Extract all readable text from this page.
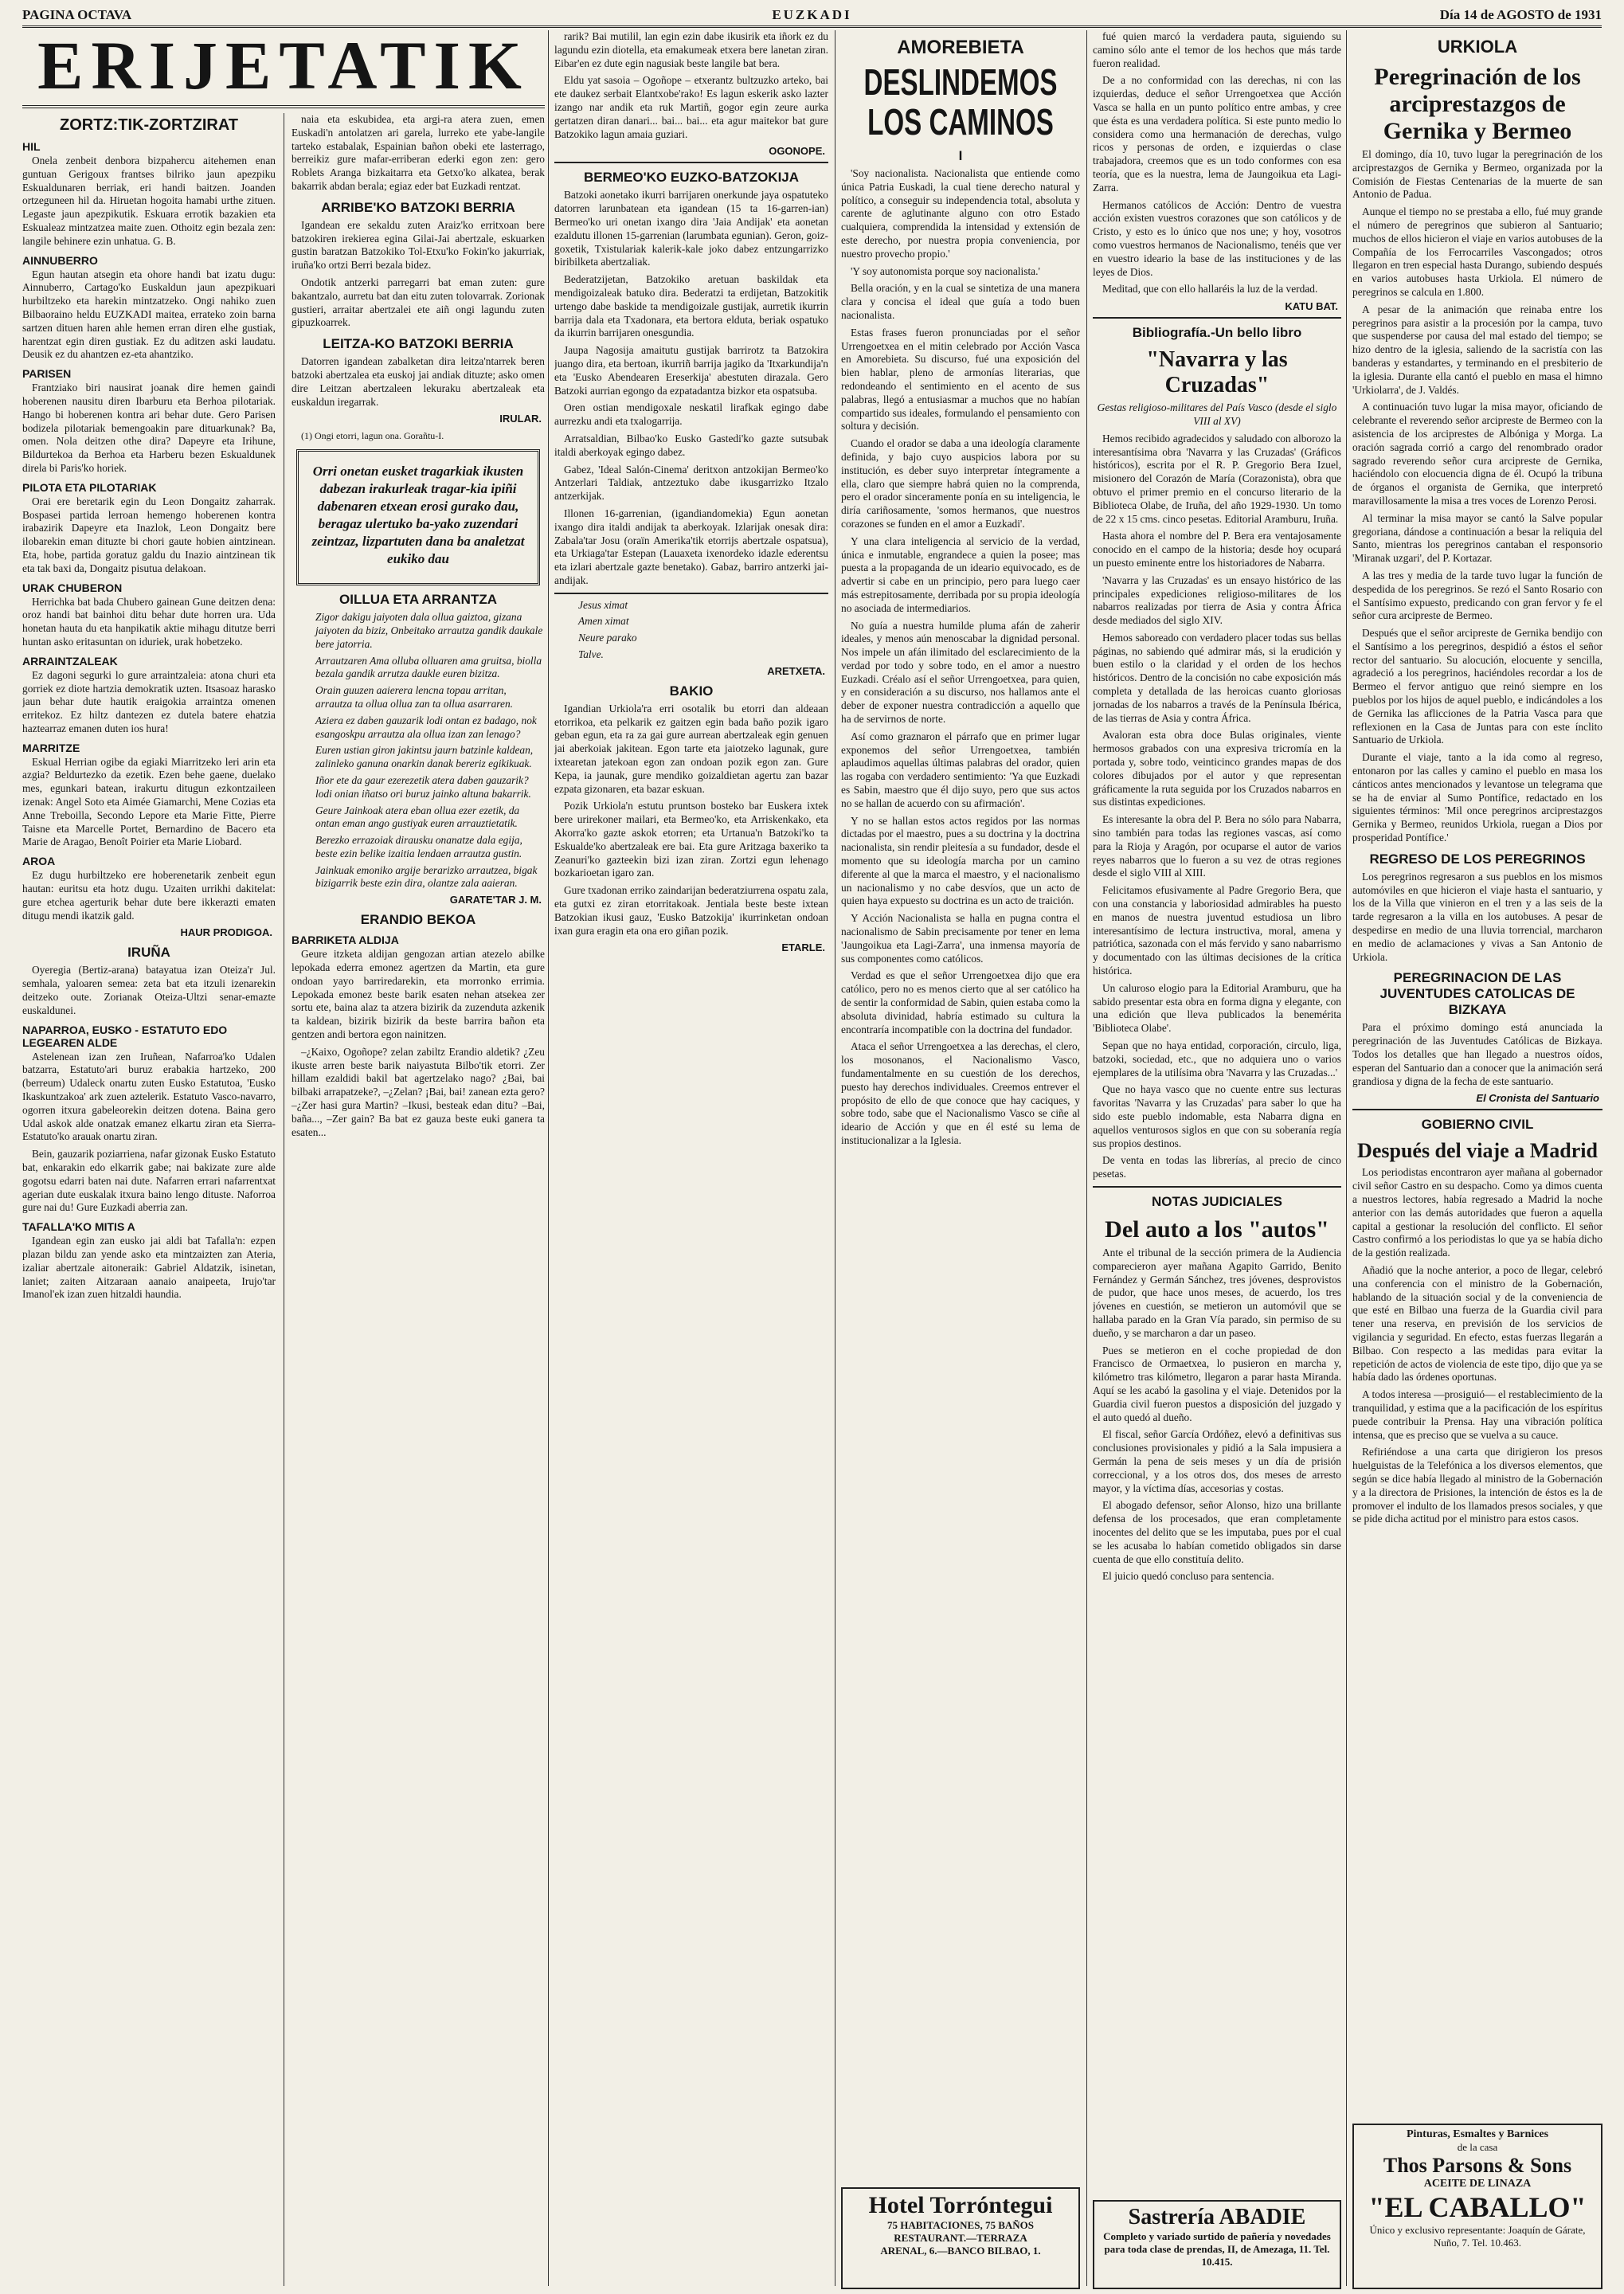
PAGINA OCTAVA	EUZKADI	Día 14 de AGOSTO de 1931
ERIJETATIK
ZORTZ:TIK-ZORTZIRAT
HIL

Onela zenbeit denbora bizpahercu aitehemen enan guntuan Gerigoux frantses bilriko jaun apezpiku Eskualdunaren berriak, eri handi baitzen. Joanden ortzeguneen hil da. Hiruetan hogoita hamabi urthe zituen. Legaste jaun apezpikutik. Eskuara errotik bazakien eta Eskualeaz mintzatzea maite zuen. Othoitz egin bezala zen: langile behinere ezin unhatua. G. B.

AINNUBERRO

Egun hautan atsegin eta ohore handi bat izatu dugu: Ainnuberro, Cartago'ko Euskaldun jaun apezpikuari hurbiltzeko eta harekin mintzatzeko. Ongi nahiko zuen Bilbaoraino heldu EUZKADI maitea, errateko zoin barna sartzen dituen haren ahle hemen erran diren elhe gustiak, harentzat egin diren gustiak. Ez du aditzen aski laudatu. Deusik ez du ahantzen ez-eta ahantziko.

PARISEN

Frantziako biri nausirat joanak dire hemen gaindi hoberenen nausitu diren Ibarburu eta Berhoa pilotariak. Hango bi hoberenen kontra ari behar dute. Gero Parisen bodizela pilotariak bemengoakin pare dituarkunak? Ba, omen. Nola deitzen othe dira? Dapeyre eta Irihune, Bildurtekoa da Berhoa eta Harberu bezen Eskualdunek direla bi Paris'ko horiek.

PILOTA ETA PILOTARIAK

Orai ere beretarik egin du Leon Dongaitz zaharrak. Bospasei partida lerroan hemengo hoberenen kontra irabazirik Dapeyre eta Inazlok, Leon Dongaitz bere ilobarekin eman dituzte bi chori gaute hobien aintzinean. Eta, hobe, partida goratuz galdu du Inazio aintzinean tik eta tak baxi da, Dongaitz pisutua delakoan.

URAK CHUBERON

Herrichka bat bada Chubero gainean Gune deitzen dena: oroz handi bat bainhoi ditu behar dute horren ura. Uda honetan hauta du eta hanpikatik aktie mihagu ditutze berri huntan asko eritasuntan on iduriek, urak hobetzeko.

ARRAINTZALEAK

Ez dagoni segurki lo gure arraintzaleia: atona churi eta gorriek ez diote hartzia demokratik uzten. Itsasoaz harasko jaun behar dute hautik eraigokia arraintza omenen erritekoz. Ez hiltz dantezen ez dutela batere ehatzia haztearraz emanen duten ios hura!

MARRITZE

Eskual Herrian ogibe da egiaki Miarritzeko leri arin eta azgia? Beldurtezko da ezetik. Ezen behe gaene, duelako mes, egunkari batean, irakurtu ditugun ezkontzaileen izenak: Angel Soto eta Aimée Giamarchi, Mene Cozias eta Anne Treboilla, Secondo Lepore eta Marie Fitte, Pierre Taisne eta Marcelle Portet, Bernardino de Bacero eta Marie de Aragao, Benoît Poirier eta Marie Liobard.

AROA

Ez dugu hurbiltzeko ere hoberenetarik zenbeit egun hautan: euritsu eta hotz dugu. Uzaiten urrikhi dakitelat: gure etchea agerturik behar dute bere ikkerazti ematen ditugu mendi ikatzik gald.

HAUR PRODIGOA.
IRUÑA

Oyeregia (Bertiz-arana) batayatua izan Oteiza'r Jul. semhala, yaloaren semea: zeta bat eta itzuli izenarekin deitzeko oute. Zorianak Oteiza-Ultzi senar-emazte euskaldunei.

NAPARROA, EUSKO - ESTATUTO EDO LEGEAREN ALDE

Astelenean izan zen Iruñean, Nafarroa'ko Udalen batzarra, Estatuto'ari buruz erabakia hartzeko, 200 (berreum) Udaleck onartu zuten Eusko Estatutoa, 'Eusko Ikaskuntzakoa' ark zuen aztelerik. Estatuto Vasco-navarro, ogorren itxura gabeleorekin deitzen dotena. Baina gero Udal askok alde onatzak emanez elkartu ziran eta Sierra-Estatuto'ko arauak onartu ziran.

Bein, gauzarik poziarriena, nafar gizonak Eusko Estatuto bat, enkarakin edo elkarrik gabe; nai bakizate zure alde gogotsu edarri baten nai dute. Nafarren errari nafarrentxat agerian dute euskalak itxura baino lengo dituste. Naforroa gure nai du! Gure Euzkadi aberria zan.

TAFALLA'KO MITIS A

Igandean egin zan eusko jai aldi bat Tafalla'n: ezpen plazan bildu zan yende asko eta mintzaizten zan Ateria, izaliar abertzale aitoneraik: Gabriel Aldatzik, isinetan, laniet; zaiten Aitzaraan aanaio anaipeeta, Irujo'tar Imanol'ek izan zuen hitzaldi haundia.

naia eta eskubidea, eta argi-ra atera zuen, emen Euskadi'n antolatzen ari garela, lurreko ete yabe-langile tarteko estabalak, Espainian bañon obeki ete lasterrago, berreikiz gure mafar-erriberan ederki egon zen: gero Roblets Aranga bizkaitarra eta Getxo'ko alkatea, berak bakarrik abdan berala; egiaz eder bat Euzkadi rentzat.

ARRIBE'KO BATZOKI BERRIA

Igandean ere sekaldu zuten Araiz'ko erritxoan bere batzokiren irekierea egina Gilai-Jai abertzale, eskuarken gustin baratzan Batzokiko Tol-Etxu'ko Fokin'ko jakurriak, iruña'ko ortzi Berri bezala bidez.

Ondotik antzerki parregarri bat eman zuten: gure bakantzalo, aurretu bat dan eitu zuten tolovarrak. Zorionak gustieri, arraitar abertzalei ete aiñ ongi lagundu zuten gipuzkoarrek.

LEITZA-KO BATZOKI BERRIA

Datorren igandean zabalketan dira leitza'ntarrek beren batzoki abertzalea eta euskoj jai andiak dituzte; asko omen dire Leitzan abertzaleen lekuraku abertzaleak eta euskaldun iregarrak.

IRULAR.

(1) Ongi etorri, lagun ona. Gorañtu-I.

Orri onetan eusket tragarkiak ikusten dabezan irakurleak tragar-kia ipiñi dabenaren etxean erosi gurako dau, beragaz ulertuko ba-yako zuzendari zeintzaz, lizpartuten dana ba analetzat eukiko dau

OILLUA ETA ARRANTZA

Zigor dakigu jaiyoten dala ollua gaiztoa, gizana jaiyoten da biziz, Onbeitako arrautza gandik daukale bere jatorria.

Arrautzaren Ama olluba olluaren ama gruitsa, biolla bezala gandik arrutza daukle euren bizitza.

Orain guuzen aaierera lencna topau arritan, arrautza ta ollua ollua zan ta ollua asarraren.

Aziera ez daben gauzarik lodi ontan ez badago, nok esangoskpu arrautza ala ollua izan zan lenago?

Euren ustian giron jakintsu jaurn batzinle kaldean, zalinleko ganuna onarkin danak bereriz egikikuak.

Iñor ete da gaur ezerezetik atera daben gauzarik? lodi onian iñatso ori buruz jainko altuna bakarrik.

Geure Jainkoak atera eban ollua ezer ezetik, da ontan eman ango gustiyak euren arrauztietatik.

Berezko errazoiak dirausku onanatze dala egija, beste ezin belike izaitia lendaen arrautza gustin.

Jainkuak emoniko argije berarizko arrautzea, bigak bizigarrik beste ezin dira, olantze zala aaieran.

GARATE'TAR J. M.
ERANDIO BEKOA
BARRIKETA ALDIJA

Geure itzketa aldijan gengozan artian atezelo abilke lepokada ederra emonez agertzen da Martin, eta gure ondoan yayo barriredarekin, eta morronko errimia. Lepokada emonez beste barik esaten nehan atsekea zer sortu ete, baina alaz ta atzera bizirik da zuzenduta azkenik ta kaldean, bizirik bizirik da beste barrira bañon eta gentzen andi bertora egon nainitzen.

–¿Kaixo, Ogoñope? zelan zabiltz Erandio aldetik? ¿Zeu ikuste arren beste barik naiyastuta Bilbo'tik etorri. Zer hillam ezaldidi bakil bat agertzelako nago? ¿Bai, bai bilbaki arrapatzeke?, –¿Zelan? ¡Bai, bai! zanean ezta gero? –¿Zer hasi gura Martin? –Ikusi, besteak edan ditu? –Bai, baña..., –Zer gain? Ba bat ez gauza beste euki ganera ta esaten...

rarik? Bai mutilil, lan egin ezin dabe ikusirik eta iñork ez du lagundu ezin diotella, eta emakumeak etxera bere lanetan ziran. Eibar'en ez dute egin nagusiak beste langile bat bera.

Eldu yat sasoia – Ogoñope – etxerantz bultzuzko arteko, bai ete daukez serbait Elantxobe'rako! Es lagun eskerik asko lazter izango nar andik eta ruk Martiñ, gogor egin zeure aurka gertatzen diran danari... bai... bai... eta agur maitekor bat gure Batzokiko lagun amaia guziari.

OGONOPE.
BERMEO'KO EUZKO-BATZOKIJA

Batzoki aonetako ikurri barrijaren onerkunde jaya ospatuteko datorren larunbatean eta igandean (15 ta 16-garren-ian) Bermeo'ko uri onetan ixango dira 'Jaia Andijak' eta aonetan ezaldutu illonen 15-garrenian (larumbata egunian). Geron, goiz-goxetik, Txistulariak kalerik-kale joko dabez entzungarrizko biribilketa abertzaliak.

Bederatzijetan, Batzokiko aretuan baskildak eta mendigoizaleak batuko dira. Bederatzi ta erdijetan, Batzokitik urtengo dabe baskide ta mendigoizale gustijak, aurretik ikurrin barrija dala eta Txadonara, eta bertora elduta, beriak ospatuko da ikurrin barrijaren onesgundia.

Jaupa Nagosija amaitutu gustijak barrirotz ta Batzokira juango dira, eta bertoan, ikurriñ barrija jagiko da 'Itxarkundija'n eta 'Eusko Abendearen Ereserkija' abestuten dirazala. Gero Batzoki aurrian egongo da ezpatadantza bizkor eta ospatsuba.

Oren ostian mendigoxale neskatil lirafkak egingo dabe aurrezku andi eta txalogarrija.

Arratsaldian, Bilbao'ko Eusko Gastedi'ko gazte sutsubak italdi aberkoyak egingo dabez.

Gabez, 'Ideal Salón-Cinema' deritxon antzokijan Bermeo'ko Antzerlari Taldiak, antzeztuko dabe ikusgarrizko Itzalo antzerkijak.

Illonen 16-garrenian, (igandiandomekia) Egun aonetan ixango dira italdi andijak ta aberkoyak. Izlarijak onesak dira: Zabala'tar Josu (oraïn Amerika'tik etorrijs abertzale ospatsua), eta Urkiaga'tar Estepan (Lauaxeta ixenordeko idazle ederentsu eta izlari abertzale gazte benetako). Gabaz, barriro antzerki jai-andijak.

Jesus ximat

Amen ximat

Neure parako

Talve.

ARETXETA.
BAKIO

Igandian Urkiola'ra erri osotalik bu etorri dan aldeaan etorrikoa, eta pelkarik ez gaitzen egin bada baño pozik igaro geban egun, eta ra za gai gure aurrean abertzaleak egin genuen jai aberkoiak jakitean. Egon tarte eta jaiotzeko lagunak, gure ixtearetan jatekoan egon zan ondoan pozik egon zan. Gure Kepa, ia jaunak, gure mendiko goizaldietan agertu zan bazar ezpata gizonaren, eta bazar eskuan.

Pozik Urkiola'n estutu pruntson bosteko bar Euskera ixtek bere urirekoner mailari, eta Bermeo'ko, eta Arriskenkako, eta Akorra'ko gazte askok etorren; eta Urtanua'n Batzoki'ko ta Eskualde'ko abertzaleak ere bai. Eta gure Aritzaga baxeriko ta Zeanuri'ko gazteekin bizi izan ziran. Zortzi egun lehenago bozkarioetan igaro zan.

Gure txadonan erriko zaindarijan bederatziurrena ospatu zala, eta gutxi ez ziran etorritakoak. Jentiala beste beste ixtean Batzokian ikusi gauz, 'Eusko Batzokija' ikurrinketan ondoan ixan gura eragin eta ona ero giñan pozik.

ETARLE.
AMOREBIETA
DESLINDEMOS LOS CAMINOS
I

'Soy nacionalista. Nacionalista que entiende como única Patria Euskadi, la cual tiene derecho natural y político, a conseguir su independencia total, absoluta y carente de aglutinante alguno con otro Estado cualquiera, comprendida la intensidad y extensión de este derecho, por nuestra propia conveniencia, por nuestro provecho propio.'

'Y soy autonomista porque soy nacionalista.'

Bella oración, y en la cual se sintetiza de una manera clara y concisa el ideal que guía a todo buen nacionalista.

Estas frases fueron pronunciadas por el señor Urrengoetxea en el mitin celebrado por Acción Vasca en Amorebieta. Su discurso, fué una exposición del bien hablar, pleno de armonías literarias, que redondeando el sentimiento en el acento de sus palabras, llegó a entusiasmar a muchos que no habían compartido sus ideales, formulando el pensamiento con soltura y decisión.

Cuando el orador se daba a una ideología claramente definida, y bajo cuyo auspicios labora por su institución, es deber suyo interpretar íntegramente a ella, claro que siempre habrá quien no la comprenda, pero el orador sinceramente ponía en su inteligencia, le diría cariñosamente, 'somos hermanos, que nuestros corazones se funden en el amor a Euzkadi'.

Y una clara inteligencia al servicio de la verdad, única e inmutable, engrandece a quien la posee; mas puesta a la propaganda de un ideario equivocado, es de advertir si cabe en un principio, pero para luego caer más estrepitosamente, derribada por su propia ideología no asociada de intermediarios.

No guía a nuestra humilde pluma afán de zaherir ideales, y menos aún menoscabar la dignidad personal. Nos impele un afán ilimitado del esclarecimiento de la verdad por todo y sobre todo, en el amor a nuestro Euzkadi. Créalo así el señor Urrengoetxea, para quien, y en consideración a su discurso, nos hallamos ante el deber de exponer nuestra contradicción a aquello que ha de servirnos de norte.

Así como graznaron el párrafo que en primer lugar exponemos del señor Urrengoetxea, también aplaudimos aquellas últimas palabras del orador, quien las rogaba con verdadero sentimiento: 'Ya que Euzkadi es Sabin, maestro que él dijo suyo, pero que sus actos no se hallan de acuerdo con su afirmación'.

Y no se hallan estos actos regidos por las normas dictadas por el maestro, pues a su doctrina y la doctrina nacionalista, sin rendir pleitesía a su fundador, desde el momento que su ideología marcha por un camino diferente al que la marca el maestro, y el nacionalismo un nacionalismo y no cabe desvíos, que un acto de quien haya expuesto su doctrina es un acto de traición.

Y Acción Nacionalista se halla en pugna contra el nacionalismo de Sabin precisamente por tener en lema 'Jaungoikua eta Lagi-Zarra', una inmensa mayoría de sus componentes como católicos.

Verdad es que el señor Urrengoetxea dijo que era católico, pero no es menos cierto que al ser católico ha de sentir la conformidad de Sabin, quien estaba como la absoluta divinidad, habría estimado su cultura la encontraría incompatible con la doctrina del fundador.

Ataca el señor Urrengoetxea a las derechas, el clero, los mosonanos, el Nacionalismo Vasco, fundamentalmente en su cuestión de los derechos, puesto hay derechos individuales. Creemos entrever el propósito de ello de que conoce que hay caciques, y sobre todo, sabe que el Nacionalismo Vasco se ciñe al ideario de Acción y que en él esté su lema de institucionalizar a la Iglesia.

fué quien marcó la verdadera pauta, siguiendo su camino sólo ante el temor de los hechos que más tarde fueron realidad.

De a no conformidad con las derechas, ni con las izquierdas, deduce el señor Urrengoetxea que Acción Vasca se halla en un punto político entre ambas, y cree que ésta es una verdadera política. Si este punto medio lo considera como una hermanación de derechas, vulgo ricos y personas de orden, e izquierdas o clase trabajadora, creemos que es un todo conformes con esa teoría, que es la nuestra, lema de Jaungoikua eta Lagi-Zarra.

Hermanos católicos de Acción: Dentro de vuestra acción existen vuestros corazones que son católicos y de Cristo, y esto es lo único que nos une; y hoy, vosotros como vuestros hermanos de Nacionalismo, tenéis que ver en vuestro ideario la base de las instituciones y de las leyes de Dios.

Meditad, que con ello hallaréis la luz de la verdad.

KATU BAT.
Bibliografía.-Un bello libro
"Navarra y las Cruzadas"

Gestas religioso-militares del País Vasco (desde el siglo VIII al XV)

Hemos recibido agradecidos y saludado con alborozo la interesantísima obra 'Navarra y las Cruzadas' (Gráficos históricos), escrita por el R. P. Gregorio Bera Izuel, misionero del Corazón de María (Corazonista), obra que obtuvo el primer premio en el concurso literario de la Biblioteca Olabe, de Iruña, del año 1929-1930. Un tomo de 22 x 15 cms. cinco pesetas. Editorial Aramburu, Iruña.

Hasta ahora el nombre del P. Bera era ventajosamente conocido en el campo de la historia; desde hoy ocupará un puesto eminente entre los historiadores de Nabarra.

'Navarra y las Cruzadas' es un ensayo histórico de las principales expediciones religioso-militares de los nabarros realizadas por tierra de Asia y contra África desde mediados del siglo XIV.

Hemos saboreado con verdadero placer todas sus bellas páginas, no sabiendo qué admirar más, si la erudición y buen estilo o la claridad y el orden de los hechos históricos. Dentro de la concisión no cabe exposición más completa y detallada de las heroicas cuanto gloriosas jornadas de los nabarros a través de la Península Ibérica, de las tierras de Asia y contra África.

Avaloran esta obra doce Bulas originales, viente hermosos grabados con una expresiva tricromía en la portada y, sobre todo, veinticinco grandes mapas de dos colores dibujados por el autor y que representan gráficamente la ruta seguida por los Cruzados nabarros en sus distintas expediciones.

Es interesante la obra del P. Bera no sólo para Nabarra, sino también para todas las regiones vascas, así como para la Rioja y Aragón, por ocuparse el autor de varios reyes nabarros que lo fueron a su vez de otras regiones desde el siglo VIII al XIII.

Felicitamos efusivamente al Padre Gregorio Bera, que con una constancia y laboriosidad admirables ha puesto en manos de nuestra juventud estudiosa un libro interesantísimo de lectura instructiva, moral, amena y patriótica, sazonada con el más fervido y sano nabarrismo y documentado con las últimas decisiones de la crítica histórica.

Un caluroso elogio para la Editorial Aramburu, que ha sabido presentar esta obra en forma digna y elegante, con una edición que lleva publicados la benemérita 'Biblioteca Olabe'.

Sepan que no haya entidad, corporación, circulo, liga, batzoki, sociedad, etc., que no adquiera uno o varios ejemplares de la utilísima obra 'Navarra y las Cruzadas...'

Que no haya vasco que no cuente entre sus lecturas favoritas 'Navarra y las Cruzadas' para saber lo que ha sido este pueblo indomable, esta Nabarra digna en aquellos venturosos siglos en que con su soberanía regía sus propios destinos.

De venta en todas las librerías, al precio de cinco pesetas.

NOTAS JUDICIALES
Del auto a los "autos"

Ante el tribunal de la sección primera de la Audiencia comparecieron ayer mañana Agapito Garrido, Benito Fernández y Germán Sánchez, tres jóvenes, desprovistos de pudor, que hace unos meses, de acuerdo, los tres jóvenes en cuestión, se metieron un automóvil que se hallaba parado en la Gran Vía parado, sin permiso de su dueño, y se marcharon a dar un paseo.

Pues se metieron en el coche propiedad de don Francisco de Ormaetxea, lo pusieron en marcha y, kilómetro tras kilómetro, llegaron a parar hasta Miranda. Aquí se les acabó la gasolina y el viaje. Detenidos por la Guardia civil fueron puestos a disposición del juzgado y el auto quedó al dueño.

El fiscal, señor García Ordóñez, elevó a definitivas sus conclusiones provisionales y pidió a la Sala impusiera a Germán la pena de seis meses y un día de prisión correccional, y a los otros dos, dos meses de arresto mayor, y la víctima días, accesorias y costas.

El abogado defensor, señor Alonso, hizo una brillante defensa de los procesados, que eran completamente inocentes del delito que se les imputaba, pues por el cual se les acusaba lo habían cometido obligados sin darse cuenta de que ello constituía delito.

El juicio quedó concluso para sentencia.

Hotel Torróntegui
75 HABITACIONES, 75 BAÑOS
RESTAURANT.—TERRAZA
ARENAL, 6.—BANCO BILBAO, 1.
Sastrería ABADIE
Completo y variado surtido de pañería y novedades para toda clase de prendas, II, de Amezaga, 11. Tel. 10.415.
URKIOLA
Peregrinación de los arciprestazgos de Gernika y Bermeo

El domingo, día 10, tuvo lugar la peregrinación de los arciprestazgos de Gernika y Bermeo, organizada por la Comisión de Fiestas Centenarias de la muerte de san Antonio de Padua.

Aunque el tiempo no se prestaba a ello, fué muy grande el número de peregrinos que subieron al Santuario; muchos de ellos hicieron el viaje en varios autobuses de la Compañía de los Ferrocarriles Vascongados; otros llegaron en tren especial hasta Durango, subiendo después en varios autobuses hasta Urkiola. El número de peregrinos se calcula en 1.800.

A pesar de la animación que reinaba entre los peregrinos para asistir a la procesión por la campa, tuvo que suspenderse por causa del mal estado del tiempo; se hizo dentro de la iglesia, saliendo de la sacristía con las banderas y estandartes, y terminando en el presbiterio de la iglesia. Durante ella cantó el pueblo en masa el himno 'Urkiolarra', de J. Valdés.

A continuación tuvo lugar la misa mayor, oficiando de celebrante el reverendo señor arcipreste de Bermeo con la asistencia de los arciprestes de Albóniga y Morga. La oración sagrada corrió a cargo del renombrado orador sagrado reverendo señor cura arcipreste de Gernika, haciéndolo con elocuencia digna de él. Ocupó la tribuna de órganos el organista de Gernika, que interpretó maravillosamente la misa a tres voces de Lorenzo Perosi.

Al terminar la misa mayor se cantó la Salve popular gregoriana, dándose a continuación a besar la reliquia del Santo, mientras los peregrinos cantaban el responsorio 'Miranak uzgari', del P. Kortazar.

A las tres y media de la tarde tuvo lugar la función de despedida de los peregrinos. Se rezó el Santo Rosario con el Santísimo expuesto, predicando con gran fervor y fe el señor cura arcipreste de Bermeo.

Después que el señor arcipreste de Gernika bendijo con el Santísimo a los peregrinos, despidió a éstos el señor rector del santuario. Su alocución, elocuente y sencilla, agradeció a los peregrinos, haciéndoles recordar a los de Bermeo el fervor antiguo que reinó siempre en los pueblos por los hijos de aquel pueblo, e indicándoles a los de Gernika las aflicciones de la Patria Vasca para que reflexionen en la Casa de Juntas para con este ínclito Santuario de Urkiola.

Durante el viaje, tanto a la ida como al regreso, entonaron por las calles y camino el pueblo en masa los cánticos antes mencionados y levantose un telegrama que se ha de enviar al Sumo Pontífice, redactado en los siguientes términos: 'Mil once peregrinos arciprestazgos Gernika y Bermeo, reunidos Urkiola, ruegan a Dios por prosperidad Pontífice.'

REGRESO DE LOS PEREGRINOS

Los peregrinos regresaron a sus pueblos en los mismos automóviles en que hicieron el viaje hasta el santuario, y los de la Villa que vinieron en el tren y a las seis de la tarde regresaron a la villa en los autobuses. A pesar de despedirse en medio de una lluvia torrencial, marcharon en medio de aclamaciones y vivas a San Antonio de Urkiola.

PEREGRINACION DE LAS JUVENTUDES CATOLICAS DE BIZKAYA

Para el próximo domingo está anunciada la peregrinación de las Juventudes Católicas de Bizkaya. Todos los detalles que han llegado a nuestros oídos, esperan del Santuario dan a conocer que la animación será grandiosa y digna de la fecha de este santuario.

El Cronista del Santuario
GOBIERNO CIVIL
Después del viaje a Madrid

Los periodistas encontraron ayer mañana al gobernador civil señor Castro en su despacho. Como ya dimos cuenta a nuestros lectores, había regresado a Madrid la noche anterior con las demás autoridades que fueron a aquella capital a gestionar la resolución del conflicto. El señor Castro confirmó a los periodistas lo que ya se había dicho de la gestión realizada.

Añadió que la noche anterior, a poco de llegar, celebró una conferencia con el ministro de la Gobernación, hablando de la situación social y de la conveniencia de que esté en Bilbao una fuerza de la Guardia civil para tener una reserva, en previsión de los servicios de vigilancia y seguridad. En efecto, estas fuerzas llegarán a Bilbao. Con respecto a las medidas para evitar la repetición de actos de violencia de este tipo, dijo que ya se había dado las órdenes oportunas.

A todos interesa —prosiguió— el restablecimiento de la tranquilidad, y estima que a la pacificación de los espíritus puede contribuir la Prensa. Hay una vibración política intensa, que es preciso que se vuelva a su cauce.

Refiriéndose a una carta que dirigieron los presos huelguistas de la Telefónica a los diversos elementos, que según se dice había llegado al ministro de la Gobernación y a la directora de Prisiones, la intención de éstos es la de promover el indulto de los llamados presos sociales, y que se pide dicha actitud por el ministro para estos casos.

Pinturas, Esmaltes y Barnices
de la casa
Thos Parsons & Sons
ACEITE DE LINAZA
"EL CABALLO"
Único y exclusivo representante: Joaquín de Gárate, Nuño, 7. Tel. 10.463.
